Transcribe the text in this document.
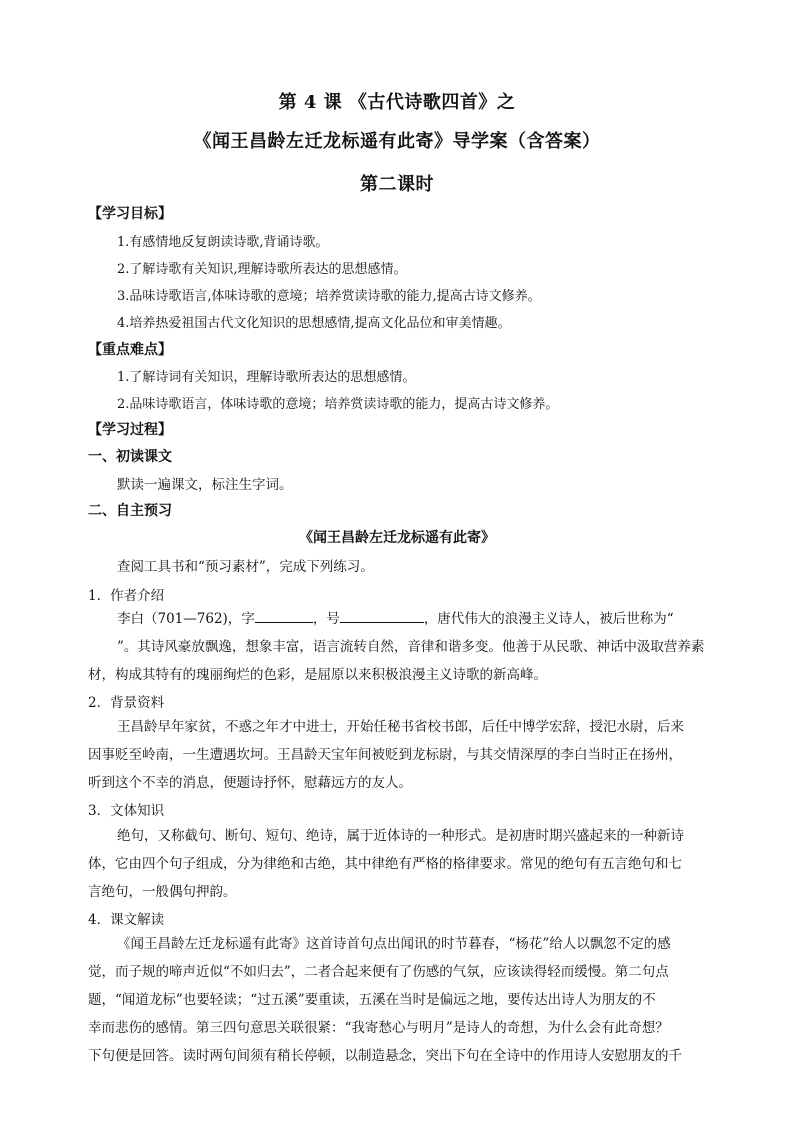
第 4 课 《古代诗歌四首》之
《闻王昌龄左迁龙标遥有此寄》导学案（含答案）
第二课时
【学习目标】
1.有感情地反复朗读诗歌,背诵诗歌。
2.了解诗歌有关知识,理解诗歌所表达的思想感情。
3.品味诗歌语言,体味诗歌的意境；培养赏读诗歌的能力,提高古诗文修养。
4.培养热爱祖国古代文化知识的思想感情,提高文化品位和审美情趣。
【重点难点】
1.了解诗词有关知识，理解诗歌所表达的思想感情。
2.品味诗歌语言，体味诗歌的意境；培养赏读诗歌的能力，提高古诗文修养。
【学习过程】
一、初读课文
默读一遍课文，标注生字词。
二、自主预习
《闻王昌龄左迁龙标遥有此寄》
查阅工具书和“预习素材”，完成下列练习。
1．作者介绍
李白（701—762)，字	，号	，唐代伟大的浪漫主义诗人，被后世称为“
”。其诗风豪放飘逸，想象丰富，语言流转自然，音律和谐多变。他善于从民歌、神话中汲取营养素
材，构成其特有的瑰丽绚烂的色彩，是屈原以来积极浪漫主义诗歌的新高峰。
2．背景资料
王昌龄早年家贫，不惑之年才中进士，开始任秘书省校书郎，后任中博学宏辞，授汜水尉，后来
因事贬至岭南，一生遭遇坎坷。王昌龄天宝年间被贬到龙标尉，与其交情深厚的李白当时正在扬州，
听到这个不幸的消息，便题诗抒怀，慰藉远方的友人。
3．文体知识
绝句，又称截句、断句、短句、绝诗，属于近体诗的一种形式。是初唐时期兴盛起来的一种新诗
体，它由四个句子组成，分为律绝和古绝，其中律绝有严格的格律要求。常见的绝句有五言绝句和七
言绝句，一般偶句押韵。
4．课文解读
《闻王昌龄左迁龙标遥有此寄》这首诗首句点出闻讯的时节暮春，“杨花”给人以飘忽不定的感
觉，而子规的啼声近似“不如归去”，二者合起来便有了伤感的气氛，应该读得轻而缓慢。第二句点
题，“闻道龙标”也要轻读；“过五溪”要重读，五溪在当时是偏远之地，要传达出诗人为朋友的不
幸而悲伤的感情。第三四句意思关联很紧：“我寄愁心与明月”是诗人的奇想，为什么会有此奇想？
下句便是回答。读时两句间须有稍长停顿，以制造悬念，突出下句在全诗中的作用诗人安慰朋友的千
